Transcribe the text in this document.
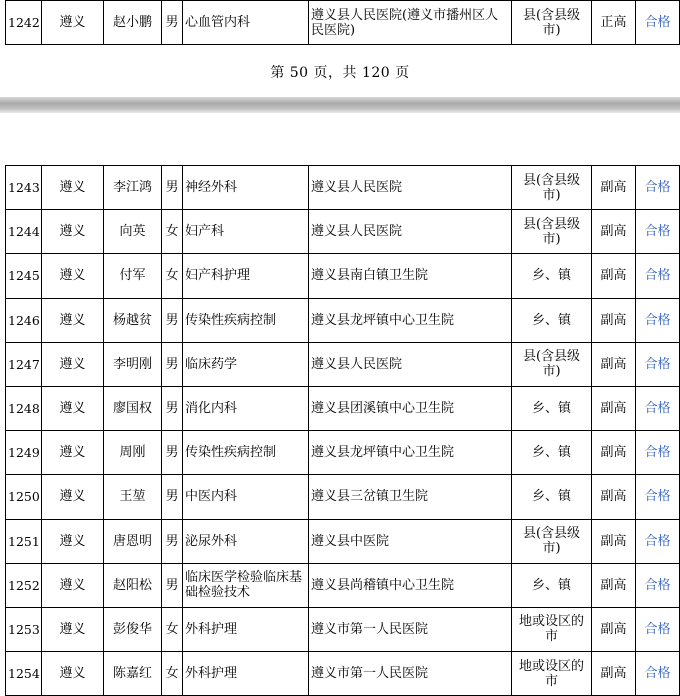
1242	遵义	赵小鹏	男	心血管内科	遵义县人民医院(遵义市播州区人民医院)	县(含县级市)	正高	合格
第 50 页，共 120 页
1243	遵义	李江鸿	男	神经外科	遵义县人民医院	县(含县级市)	副高	合格
1244	遵义	向英	女	妇产科	遵义县人民医院	县(含县级市)	副高	合格
1245	遵义	付军	女	妇产科护理	遵义县南白镇卫生院	乡、镇	副高	合格
1246	遵义	杨越贫	男	传染性疾病控制	遵义县龙坪镇中心卫生院	乡、镇	副高	合格
1247	遵义	李明刚	男	临床药学	遵义县人民医院	县(含县级市)	副高	合格
1248	遵义	廖国权	男	消化内科	遵义县团溪镇中心卫生院	乡、镇	副高	合格
1249	遵义	周刚	男	传染性疾病控制	遵义县龙坪镇中心卫生院	乡、镇	副高	合格
1250	遵义	王堃	男	中医内科	遵义县三岔镇卫生院	乡、镇	副高	合格
1251	遵义	唐恩明	男	泌尿外科	遵义县中医院	县(含县级市)	副高	合格
1252	遵义	赵阳松	男	临床医学检验临床基础检验技术	遵义县尚稽镇中心卫生院	乡、镇	副高	合格
1253	遵义	彭俊华	女	外科护理	遵义市第一人民医院	地或设区的市	副高	合格
1254	遵义	陈嘉红	女	外科护理	遵义市第一人民医院	地或设区的市	副高	合格
